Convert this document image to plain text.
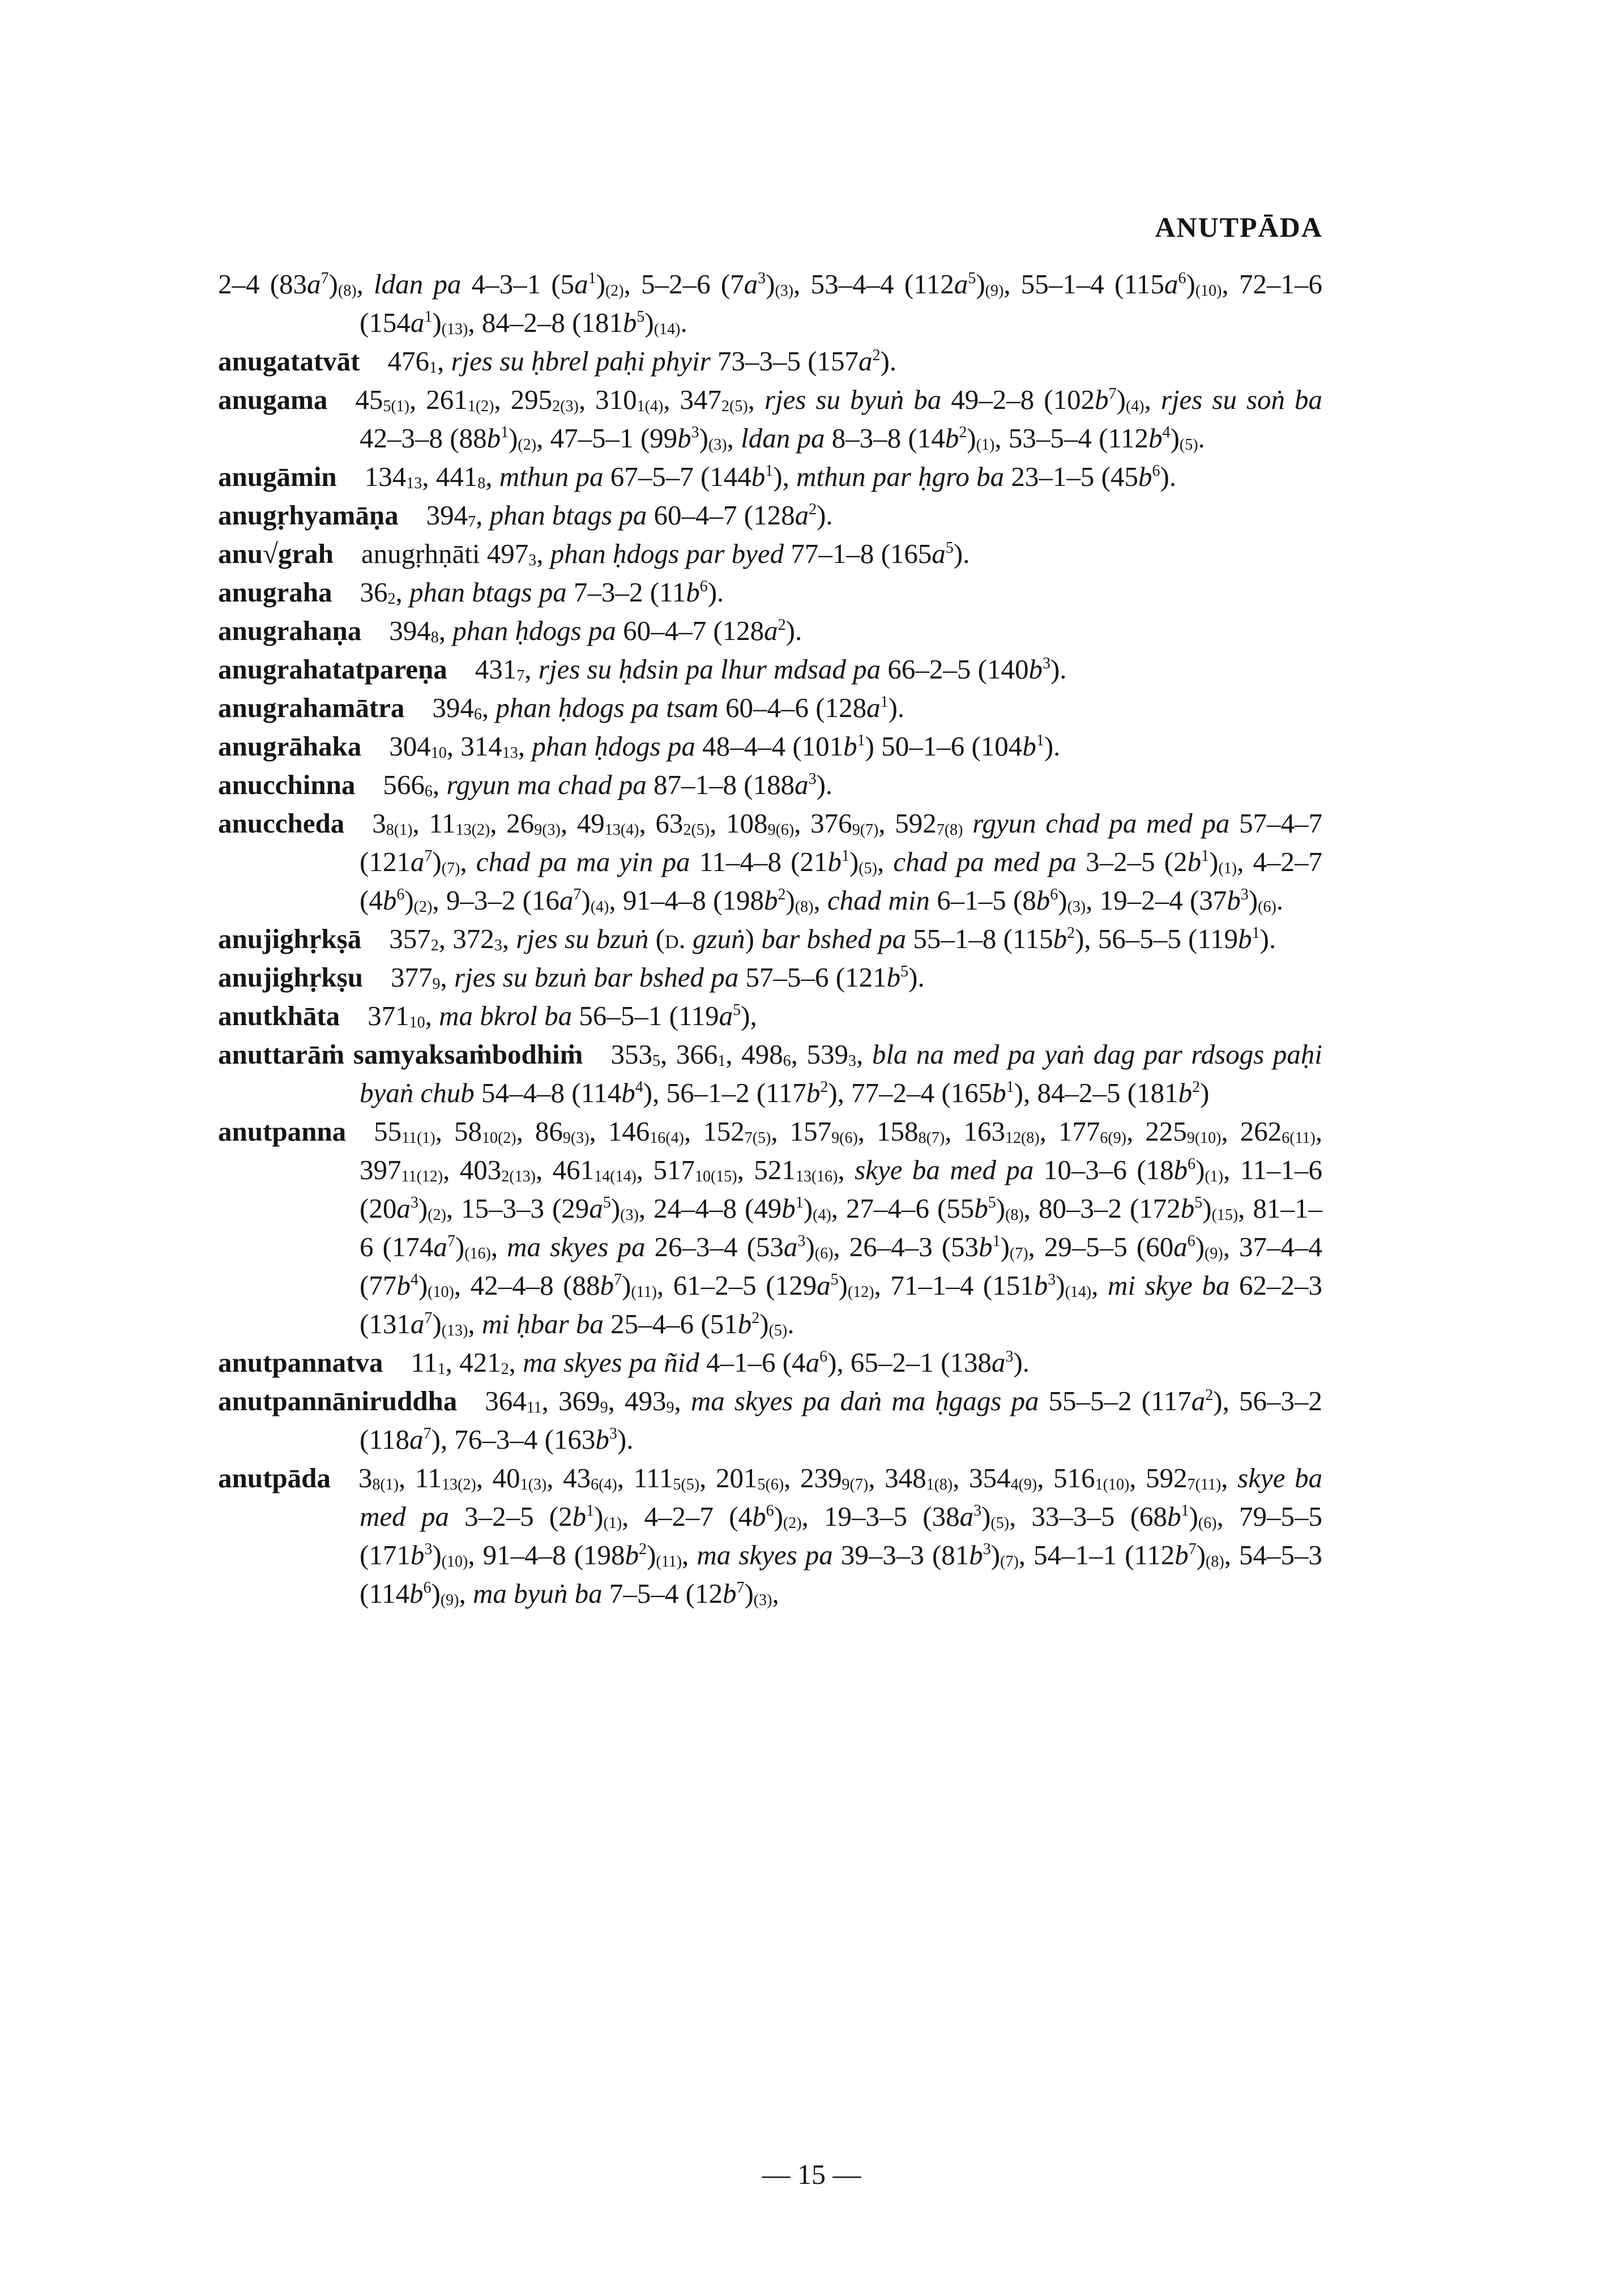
ANUTPĀDA

2–4 $(83a^7)_{(8)}$, ldan pa 4–3–1 $(5a^1)_{(2)}$, 5–2–6 $(7a^3)_{(3)}$, 53–4–4 $(112a^5)_{(9)}$, 55–1–4 $(115a^6)_{(10)}$, 72–1–6 $(154a^1)_{(13)}$, 84–2–8 $(181b^5)_{(14)}$.

anugatatvāt  $476_1$, rjes su ḥbrel paḥi phyir 73–3–5 $(157a^2)$.

anugama  $45_{5(1)}$, $261_{1(2)}$, $295_{2(3)}$, $310_{1(4)}$, $347_{2(5)}$, rjes su byuṅ ba 49–2–8 $(102b^7)_{(4)}$, rjes su soṅ ba 42–3–8 $(88b^1)_{(2)}$, 47–5–1 $(99b^3)_{(3)}$, ldan pa 8–3–8 $(14b^2)_{(1)}$, 53–5–4 $(112b^4)_{(5)}$.

anugāmin  $134_{13}$, $441_8$, mthun pa 67–5–7 $(144b^1)$, mthun par ḥgro ba 23–1–5 $(45b^6)$.

anugṛhyamāṇa  $394_7$, phan btags pa 60–4–7 $(128a^2)$.

anu√grah  anugṛhṇāti $497_3$, phan ḥdogs par byed 77–1–8 $(165a^5)$.

anugraha  $36_2$, phan btags pa 7–3–2 $(11b^6)$.

anugrahaṇa  $394_8$, phan ḥdogs pa 60–4–7 $(128a^2)$.

anugrahatatpareṇa  $431_7$, rjes su ḥdsin pa lhur mdsad pa 66–2–5 $(140b^3)$.

anugrahamātra  $394_6$, phan ḥdogs pa tsam 60–4–6 $(128a^1)$.

anugrāhaka  $304_{10}$, $314_{13}$, phan ḥdogs pa 48–4–4 $(101b^1)$ 50–1–6 $(104b^1)$.

anucchinna  $566_6$, rgyun ma chad pa 87–1–8 $(188a^3)$.

anuccheda  $3_{8(1)}$, $11_{13(2)}$, $26_{9(3)}$, $49_{13(4)}$, $63_{2(5)}$, $108_{9(6)}$, $376_{9(7)}$, $592_{7(8)}$ rgyun chad pa med pa 57–4–7 $(121a^7)_{(7)}$, chad pa ma yin pa 11–4–8 $(21b^1)_{(5)}$, chad pa med pa 3–2–5 $(2b^1)_{(1)}$, 4–2–7 $(4b^6)_{(2)}$, 9–3–2 $(16a^7)_{(4)}$, 91–4–8 $(198b^2)_{(8)}$, chad min 6–1–5 $(8b^6)_{(3)}$, 19–2–4 $(37b^3)_{(6)}$.

anujighṛkṣā  $357_2$, $372_3$, rjes su bzuṅ (d. gzuṅ) bar bshed pa 55–1–8 $(115b^2)$, 56–5–5 $(119b^1)$.

anujighṛkṣu  $377_9$, rjes su bzuṅ bar bshed pa 57–5–6 $(121b^5)$.

anutkhāta  $371_{10}$, ma bkrol ba 56–5–1 $(119a^5)$,

anuttarāṁ samyaksaṁbodhiṁ  $353_5$, $366_1$, $498_6$, $539_3$, bla na med pa yaṅ dag par rdsogs paḥi byaṅ chub 54–4–8 $(114b^4)$, 56–1–2 $(117b^2)$, 77–2–4 $(165b^1)$, 84–2–5 $(181b^2)$

anutpanna  $55_{11(1)}$, $58_{10(2)}$, $86_{9(3)}$, $146_{16(4)}$, $152_{7(5)}$, $157_{9(6)}$, $158_{8(7)}$, $163_{12(8)}$, $177_{6(9)}$, $225_{9(10)}$, $262_{6(11)}$, $397_{11(12)}$, $403_{2(13)}$, $461_{14(14)}$, $517_{10(15)}$, $521_{13(16)}$, skye ba med pa 10–3–6 $(18b^6)_{(1)}$, 11–1–6 $(20a^3)_{(2)}$, 15–3–3 $(29a^5)_{(3)}$, 24–4–8 $(49b^1)_{(4)}$, 27–4–6 $(55b^5)_{(8)}$, 80–3–2 $(172b^5)_{(15)}$, 81–1–6 $(174a^7)_{(16)}$, ma skyes pa 26–3–4 $(53a^3)_{(6)}$, 26–4–3 $(53b^1)_{(7)}$, 29–5–5 $(60a^6)_{(9)}$, 37–4–4 $(77b^4)_{(10)}$, 42–4–8 $(88b^7)_{(11)}$, 61–2–5 $(129a^5)_{(12)}$, 71–1–4 $(151b^3)_{(14)}$, mi skye ba 62–2–3 $(131a^7)_{(13)}$, mi ḥbar ba 25–4–6 $(51b^2)_{(5)}$.

anutpannatva  $11_1$, $421_2$, ma skyes pa ñid 4–1–6 $(4a^6)$, 65–2–1 $(138a^3)$.

anutpannāniruddha  $364_{11}$, $369_9$, $493_9$, ma skyes pa daṅ ma ḥgags pa 55–5–2 $(117a^2)$, 56–3–2 $(118a^7)$, 76–3–4 $(163b^3)$.

anutpāda  $3_{8(1)}$, $11_{13(2)}$, $40_{1(3)}$, $43_{6(4)}$, $111_{5(5)}$, $201_{5(6)}$, $239_{9(7)}$, $348_{1(8)}$, $354_{4(9)}$, $516_{1(10)}$, $592_{7(11)}$, skye ba med pa 3–2–5 $(2b^1)_{(1)}$, 4–2–7 $(4b^6)_{(2)}$, 19–3–5 $(38a^3)_{(5)}$, 33–3–5 $(68b^1)_{(6)}$, 79–5–5 $(171b^3)_{(10)}$, 91–4–8 $(198b^2)_{(11)}$, ma skyes pa 39–3–3 $(81b^3)_{(7)}$, 54–1–1 $(112b^7)_{(8)}$, 54–5–3 $(114b^6)_{(9)}$, ma byuṅ ba 7–5–4 $(12b^7)_{(3)}$,

— 15 —
